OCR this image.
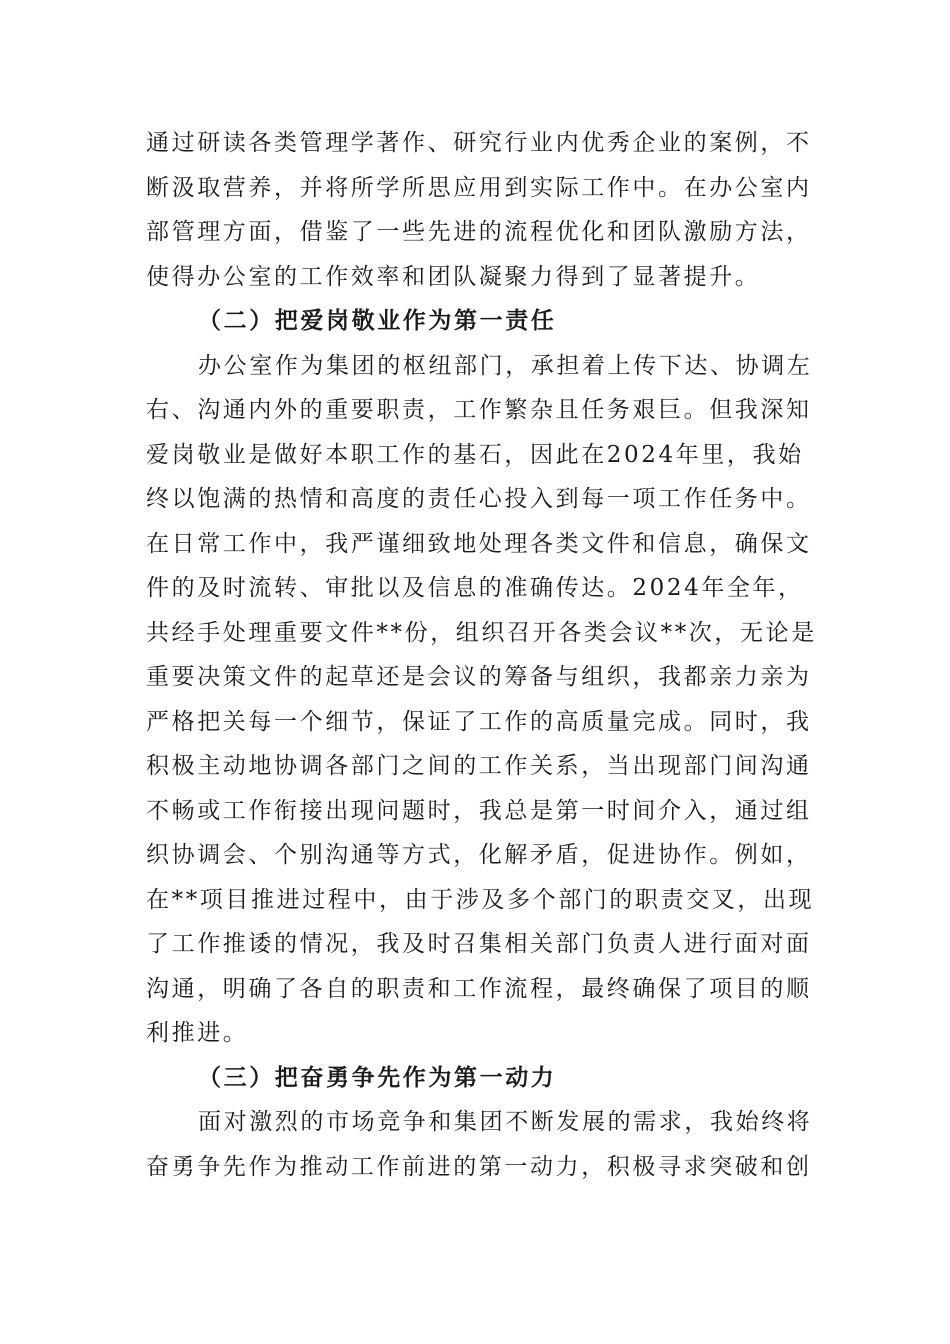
通过研读各类管理学著作、研究行业内优秀企业的案例，不
断汲取营养，并将所学所思应用到实际工作中。在办公室内
部管理方面，借鉴了一些先进的流程优化和团队激励方法，
使得办公室的工作效率和团队凝聚力得到了显著提升。
（二）把爱岗敬业作为第一责任
办公室作为集团的枢纽部门，承担着上传下达、协调左
右、沟通内外的重要职责，工作繁杂且任务艰巨。但我深知
爱岗敬业是做好本职工作的基石，因此在2024年里，我始
终以饱满的热情和高度的责任心投入到每一项工作任务中。
在日常工作中，我严谨细致地处理各类文件和信息，确保文
件的及时流转、审批以及信息的准确传达。2024年全年，
共经手处理重要文件**份，组织召开各类会议**次，无论是
重要决策文件的起草还是会议的筹备与组织，我都亲力亲为
严格把关每一个细节，保证了工作的高质量完成。同时，我
积极主动地协调各部门之间的工作关系，当出现部门间沟通
不畅或工作衔接出现问题时，我总是第一时间介入，通过组
织协调会、个别沟通等方式，化解矛盾，促进协作。例如，
在**项目推进过程中，由于涉及多个部门的职责交叉，出现
了工作推诿的情况，我及时召集相关部门负责人进行面对面
沟通，明确了各自的职责和工作流程，最终确保了项目的顺
利推进。
（三）把奋勇争先作为第一动力
面对激烈的市场竞争和集团不断发展的需求，我始终将
奋勇争先作为推动工作前进的第一动力，积极寻求突破和创
